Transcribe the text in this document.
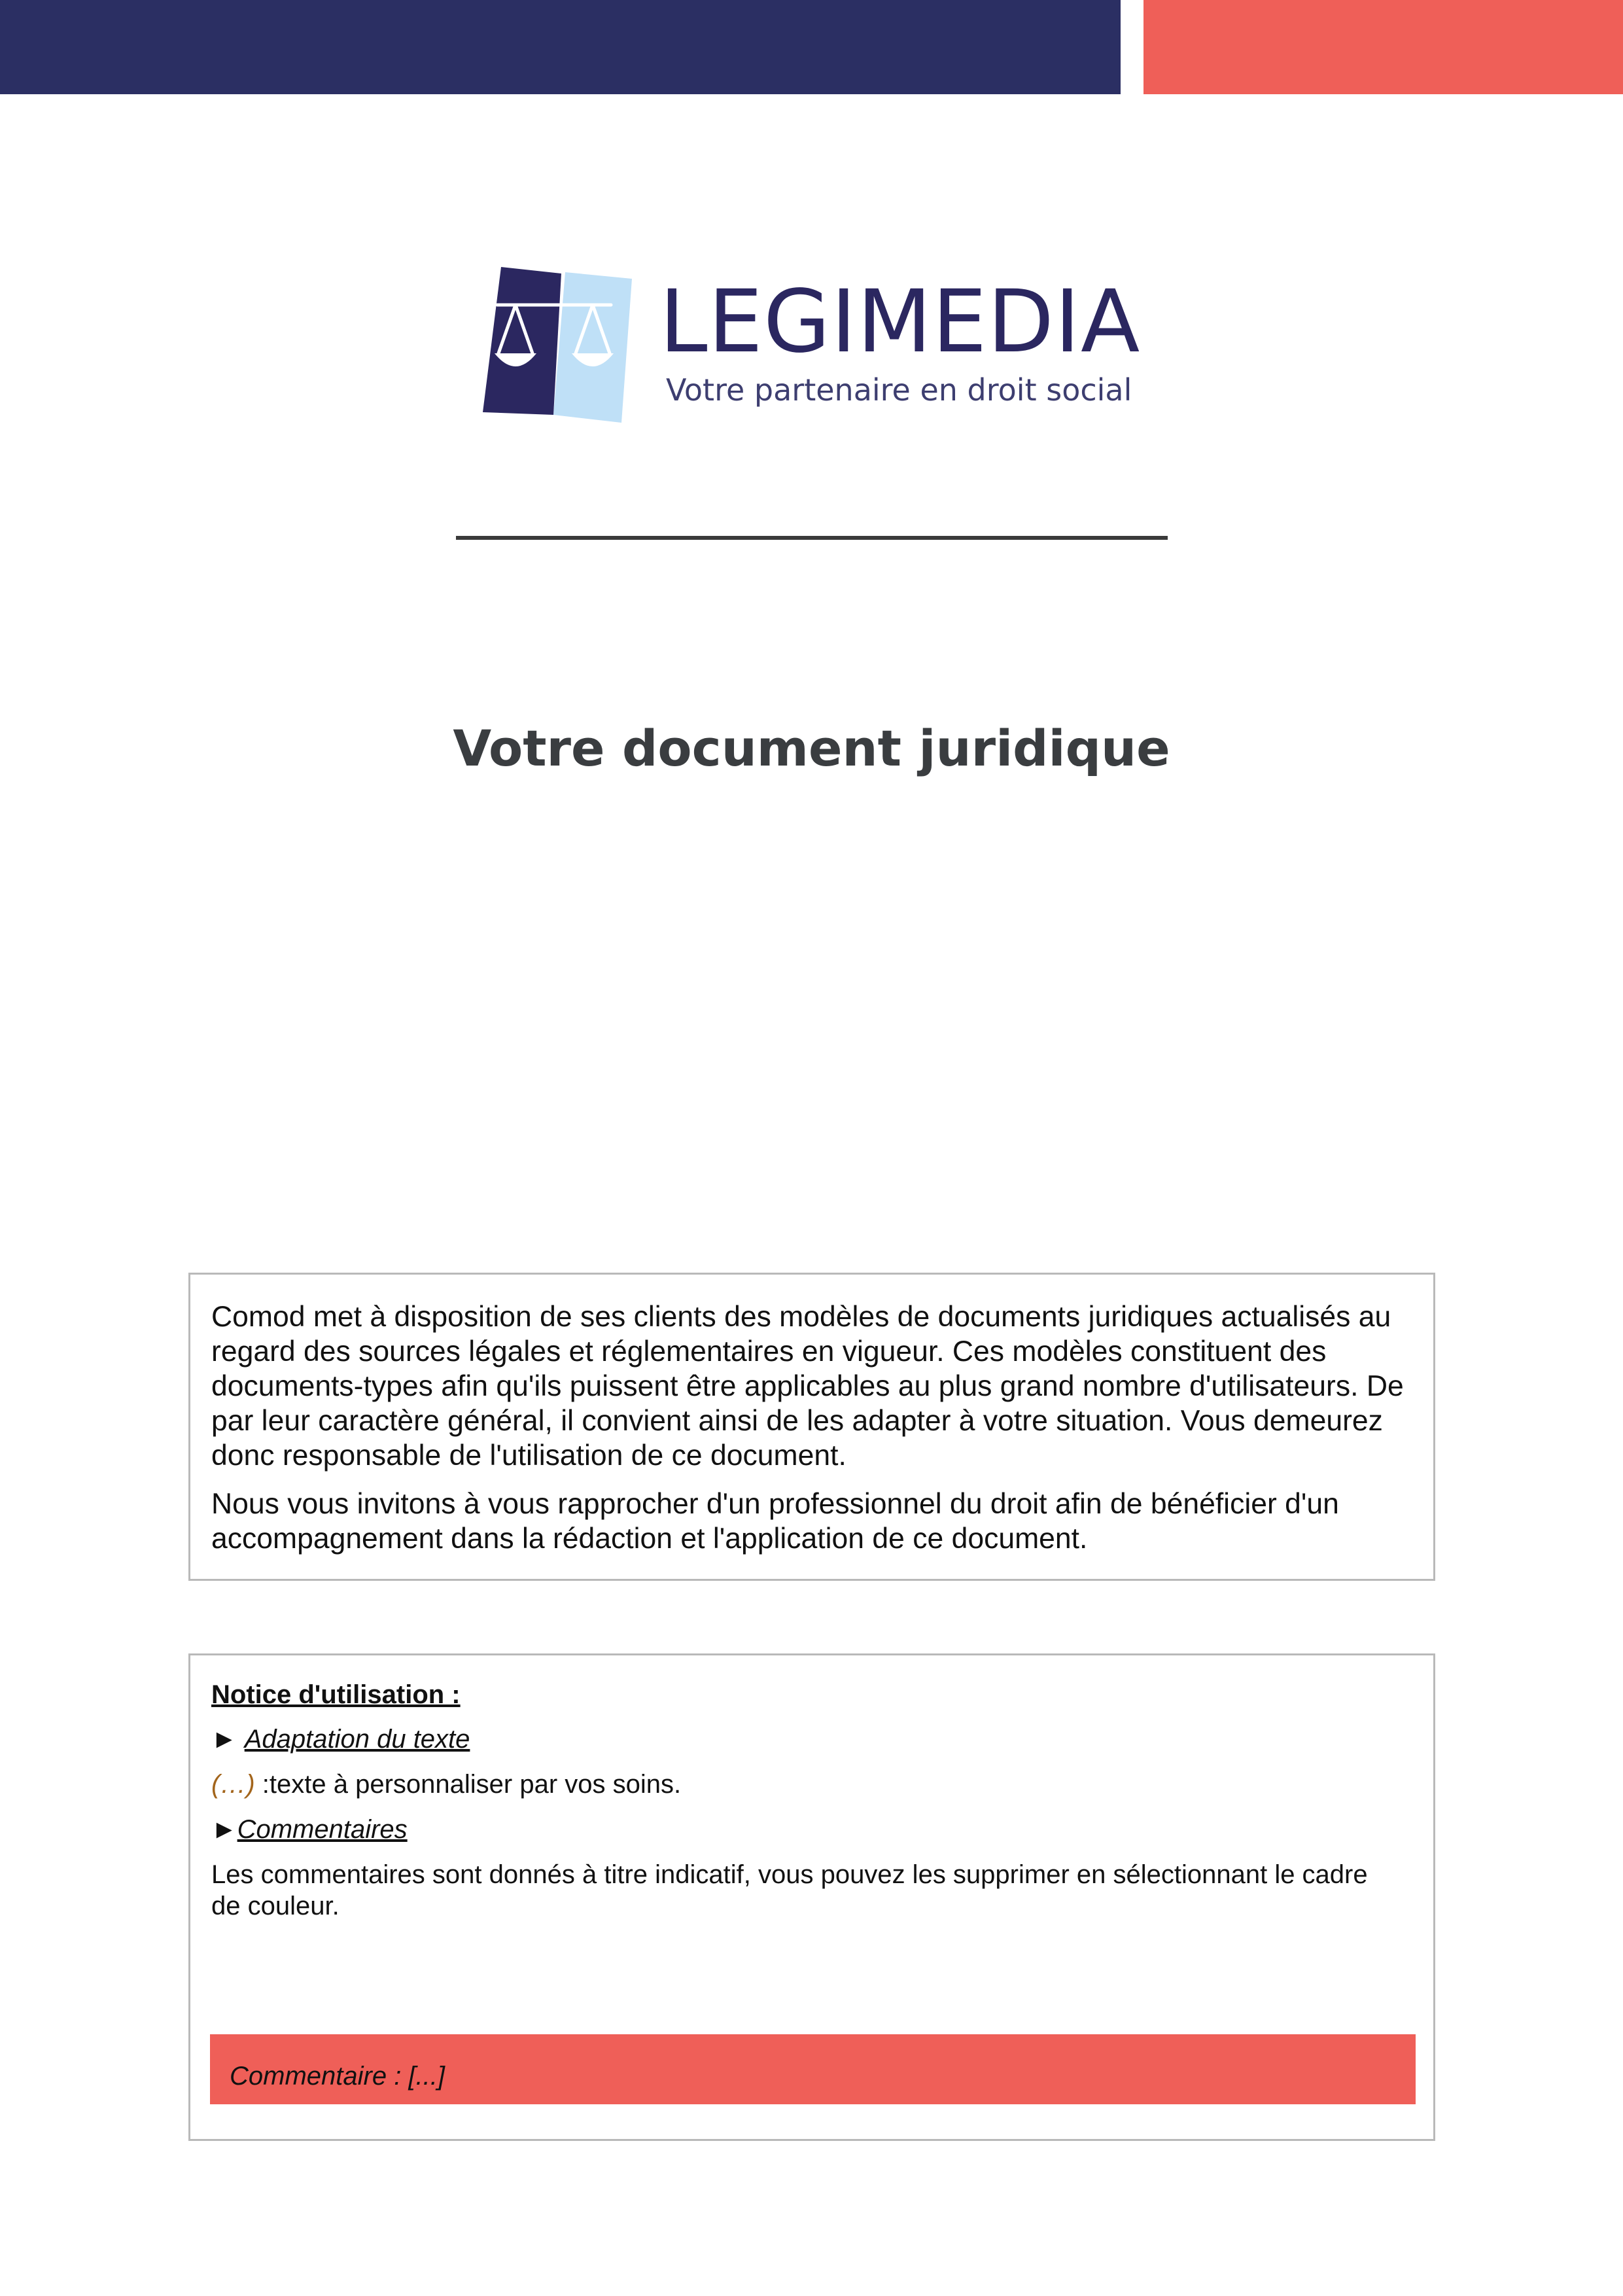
LEGIMEDIA
Votre partenaire en droit social
Votre document juridique

Comod met à disposition de ses clients des modèles de documents juridiques actualisés au regard des sources légales et réglementaires en vigueur. Ces modèles constituent des documents-types afin qu'ils puissent être applicables au plus grand nombre d'utilisateurs. De par leur caractère général, il convient ainsi de les adapter à votre situation. Vous demeurez donc responsable de l'utilisation de ce document.

Nous vous invitons à vous rapprocher d'un professionnel du droit afin de bénéficier d'un accompagnement dans la rédaction et l'application de ce document.

Notice d'utilisation :
► Adaptation du texte
(…) :texte à personnaliser par vos soins.
►Commentaires
Les commentaires sont donnés à titre indicatif, vous pouvez les supprimer en sélectionnant le cadre de couleur.
Commentaire : [...]
